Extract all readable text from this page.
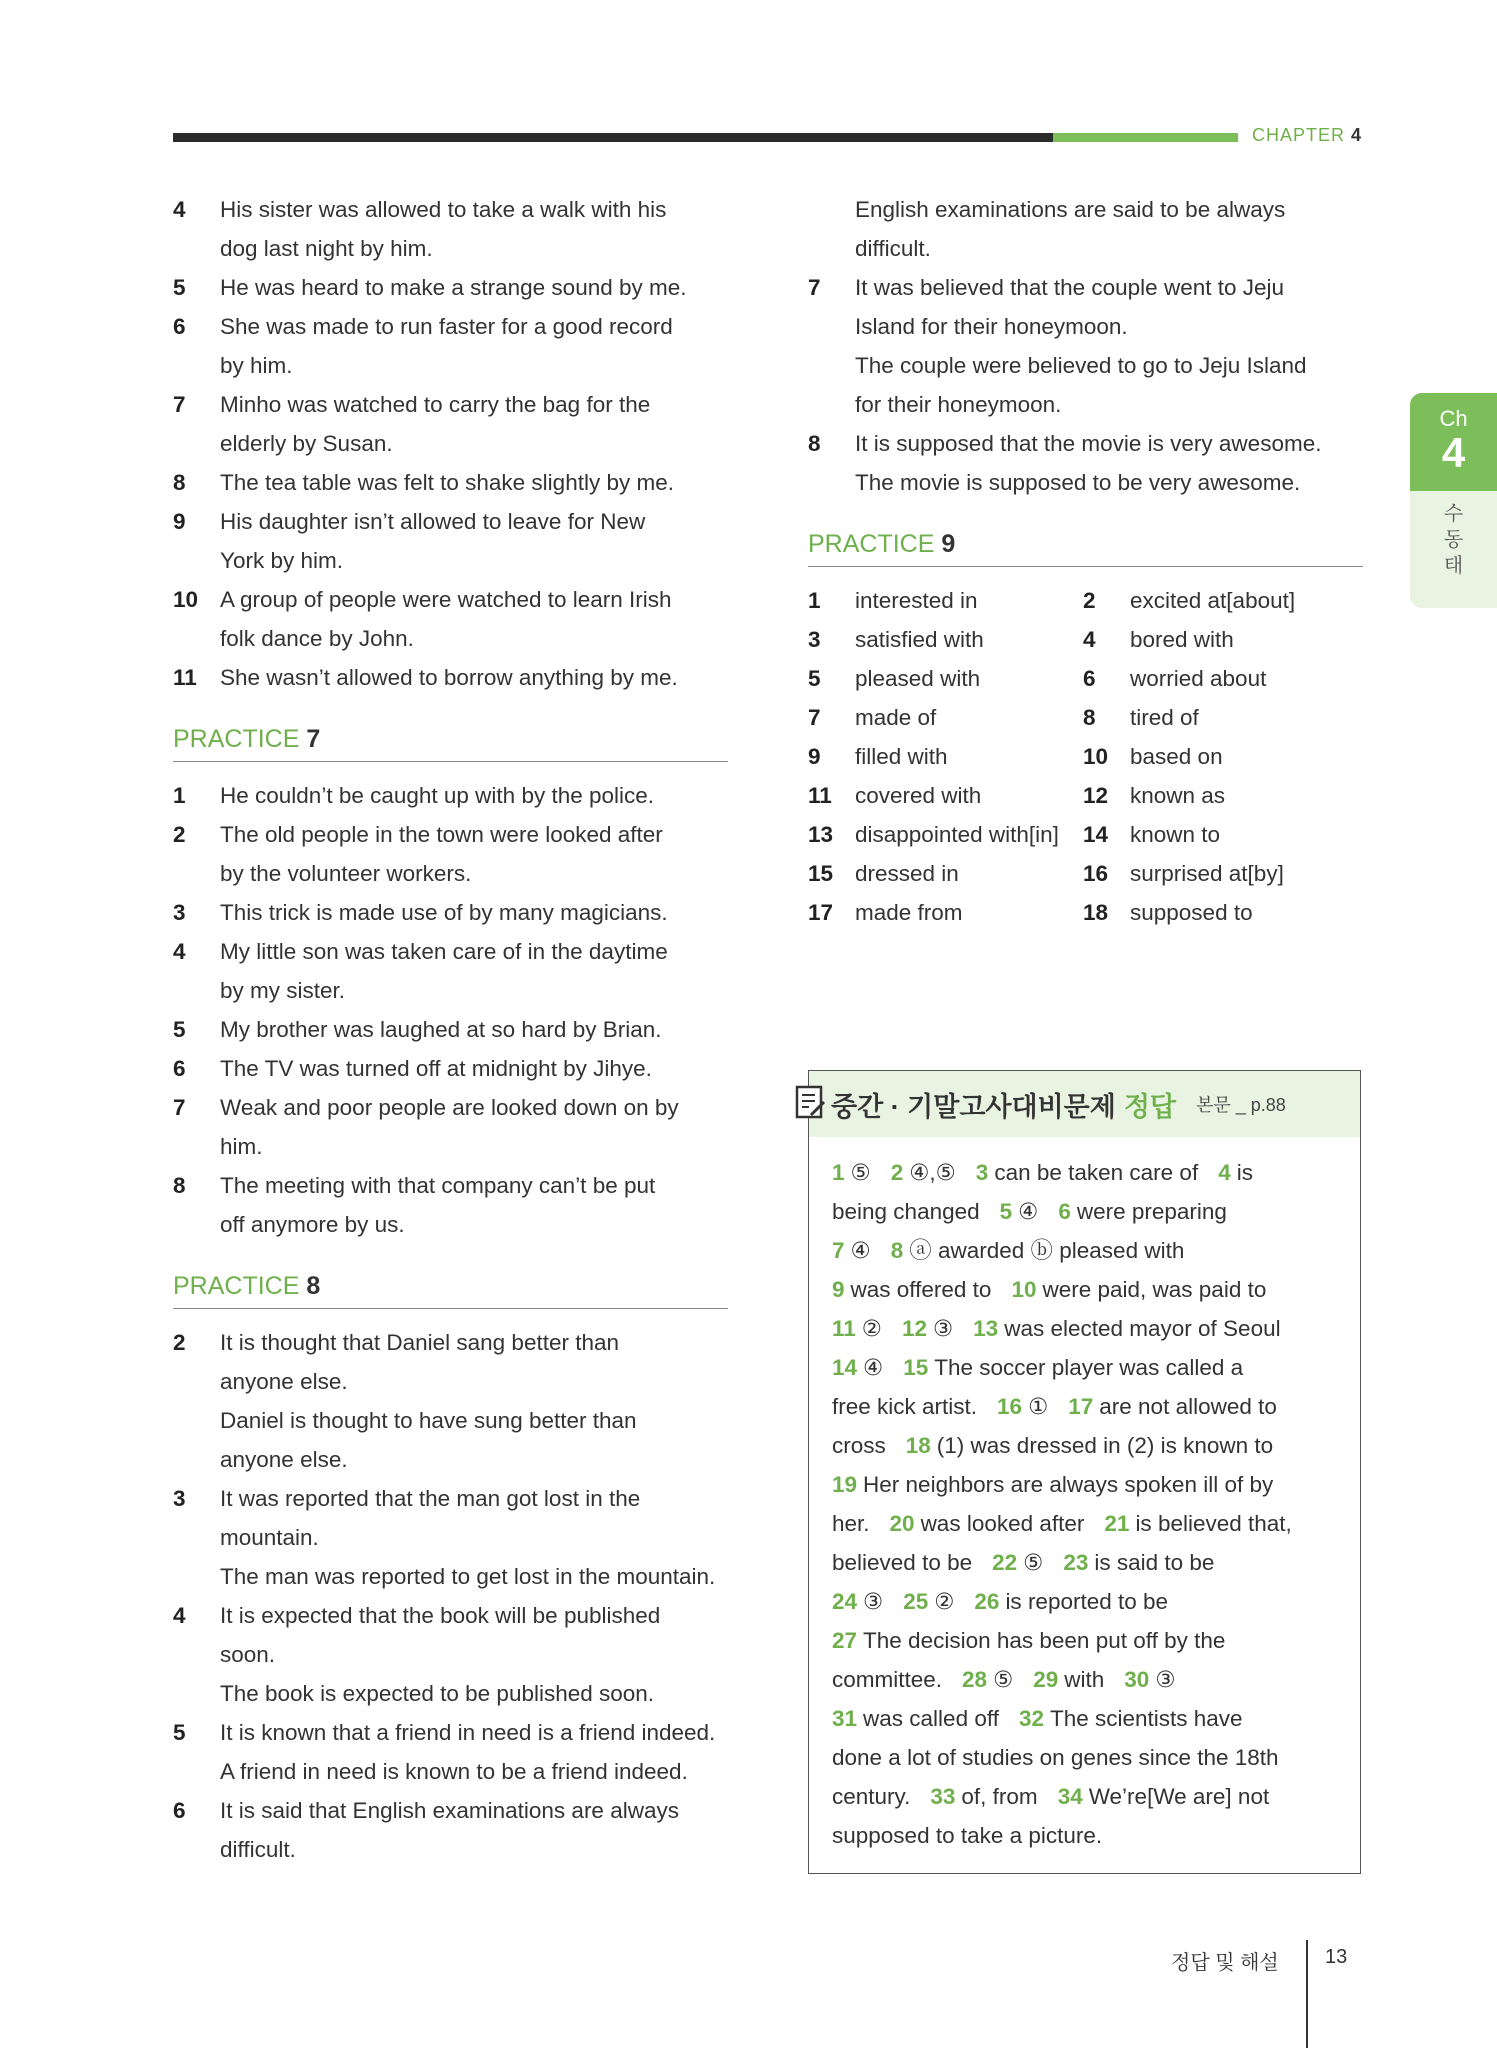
CHAPTER 4
Ch
4
수동태
4	His sister was allowed to take a walk with his
dog last night by him.
5	He was heard to make a strange sound by me.
6	She was made to run faster for a good record
by him.
7	Minho was watched to carry the bag for the
elderly by Susan.
8	The tea table was felt to shake slightly by me.
9	His daughter isn’t allowed to leave for New
York by him.
10 A group of people were watched to learn Irish
folk dance by John.
11	She wasn’t allowed to borrow anything by me.
PRACTICE 7
1	He couldn’t be caught up with by the police.
2	The old people in the town were looked after
by the volunteer workers.
3	This trick is made use of by many magicians.
4	My little son was taken care of in the daytime
by my sister.
5	My brother was laughed at so hard by Brian.
6	The TV was turned off at midnight by Jihye.
7	Weak and poor people are looked down on by
him.
8	The meeting with that company can’t be put
off anymore by us.
PRACTICE 8
2	It is thought that Daniel sang better than
anyone else.
Daniel is thought to have sung better than
anyone else.
3	It was reported that the man got lost in the
mountain.
The man was reported to get lost in the mountain.
4	It is expected that the book will be published
soon.
The book is expected to be published soon.
5	It is known that a friend in need is a friend indeed.
A friend in need is known to be a friend indeed.
6	It is said that English examinations are always
difficult.
English examinations are said to be always
difficult.
7	It was believed that the couple went to Jeju
Island for their honeymoon.
The couple were believed to go to Jeju Island
for their honeymoon.
8	It is supposed that the movie is very awesome.
The movie is supposed to be very awesome.
PRACTICE 9
1	interested in	2	excited at[about]
3	satisfied with	4	bored with
5	pleased with	6	worried about
7	made of	8	tired of
9	filled with	10 based on
11	covered with	12 known as
13 disappointed with[in]	14 known to
15 dressed in	16 surprised at[by]
17 made from	18 supposed to
중간 · 기말고사대비문제 정답 본문 _ p.88
1 ⑤ 2 ④,⑤ 3 can be taken care of 4 is
being changed 5 ④ 6 were preparing
7 ④ 8 ⓐ awarded ⓑ pleased with
9 was offered to 10 were paid, was paid to
11 ② 12 ③ 13 was elected mayor of Seoul
14 ④ 15 The soccer player was called a
free kick artist. 16 ① 17 are not allowed to
cross 18 (1) was dressed in (2) is known to
19 Her neighbors are always spoken ill of by
her. 20 was looked after 21 is believed that,
believed to be 22 ⑤ 23 is said to be
24 ③ 25 ② 26 is reported to be
27 The decision has been put off by the
committee. 28 ⑤ 29 with 30 ③
31 was called off 32 The scientists have
done a lot of studies on genes since the 18th
century. 33 of, from 34 We’re[We are] not
supposed to take a picture.
정답 및 해설 13
